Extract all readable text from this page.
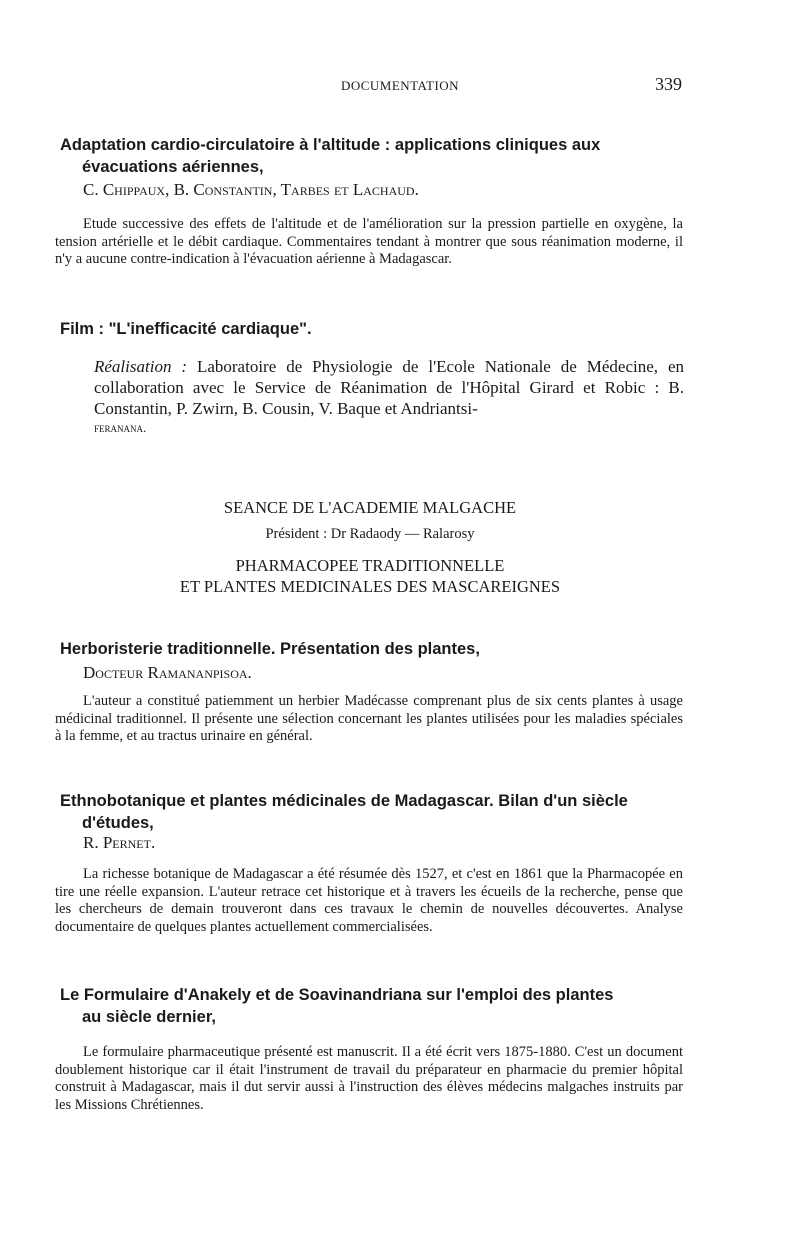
DOCUMENTATION	339
Adaptation cardio-circulatoire à l'altitude : applications cliniques aux
évacuations aériennes,
C. Chippaux, B. Constantin, Tarbes et Lachaud.
Etude successive des effets de l'altitude et de l'amélioration sur la pression partielle en oxygène, la tension artérielle et le débit cardiaque. Commentaires tendant à montrer que sous réanimation moderne, il n'y a aucune contre-indication à l'évacuation aérienne à Madagascar.
Film : "L'inefficacité cardiaque".
Réalisation : Laboratoire de Physiologie de l'Ecole Nationale de Médecine, en collaboration avec le Service de Réanimation de l'Hôpital Girard et Robic : B. Constantin, P. Zwirn, B. Cousin, V. Baque et Andriantsi-
feranana.
SEANCE DE L'ACADEMIE MALGACHE
Président : Dr Radaody — Ralarosy
PHARMACOPEE TRADITIONNELLE
ET PLANTES MEDICINALES DES MASCAREIGNES
Herboristerie traditionnelle. Présentation des plantes,
Docteur Ramananpisoa.
L'auteur a constitué patiemment un herbier Madécasse comprenant plus de six cents plantes à usage médicinal traditionnel. Il présente une sélection concernant les plantes utilisées pour les maladies spéciales à la femme, et au tractus urinaire en général.
Ethnobotanique et plantes médicinales de Madagascar. Bilan d'un siècle
d'études,
R. Pernet.
La richesse botanique de Madagascar a été résumée dès 1527, et c'est en 1861 que la Pharmacopée en tire une réelle expansion. L'auteur retrace cet historique et à travers les écueils de la recherche, pense que les chercheurs de demain trouveront dans ces travaux le chemin de nouvelles découvertes. Analyse documentaire de quelques plantes actuellement commercialisées.
Le Formulaire d'Anakely et de Soavinandriana sur l'emploi des plantes
au siècle dernier,
Le formulaire pharmaceutique présenté est manuscrit. Il a été écrit vers 1875-1880. C'est un document doublement historique car il était l'instrument de travail du préparateur en pharmacie du premier hôpital construit à Madagascar, mais il dut servir aussi à l'instruction des élèves médecins malgaches instruits par les Missions Chrétiennes.
